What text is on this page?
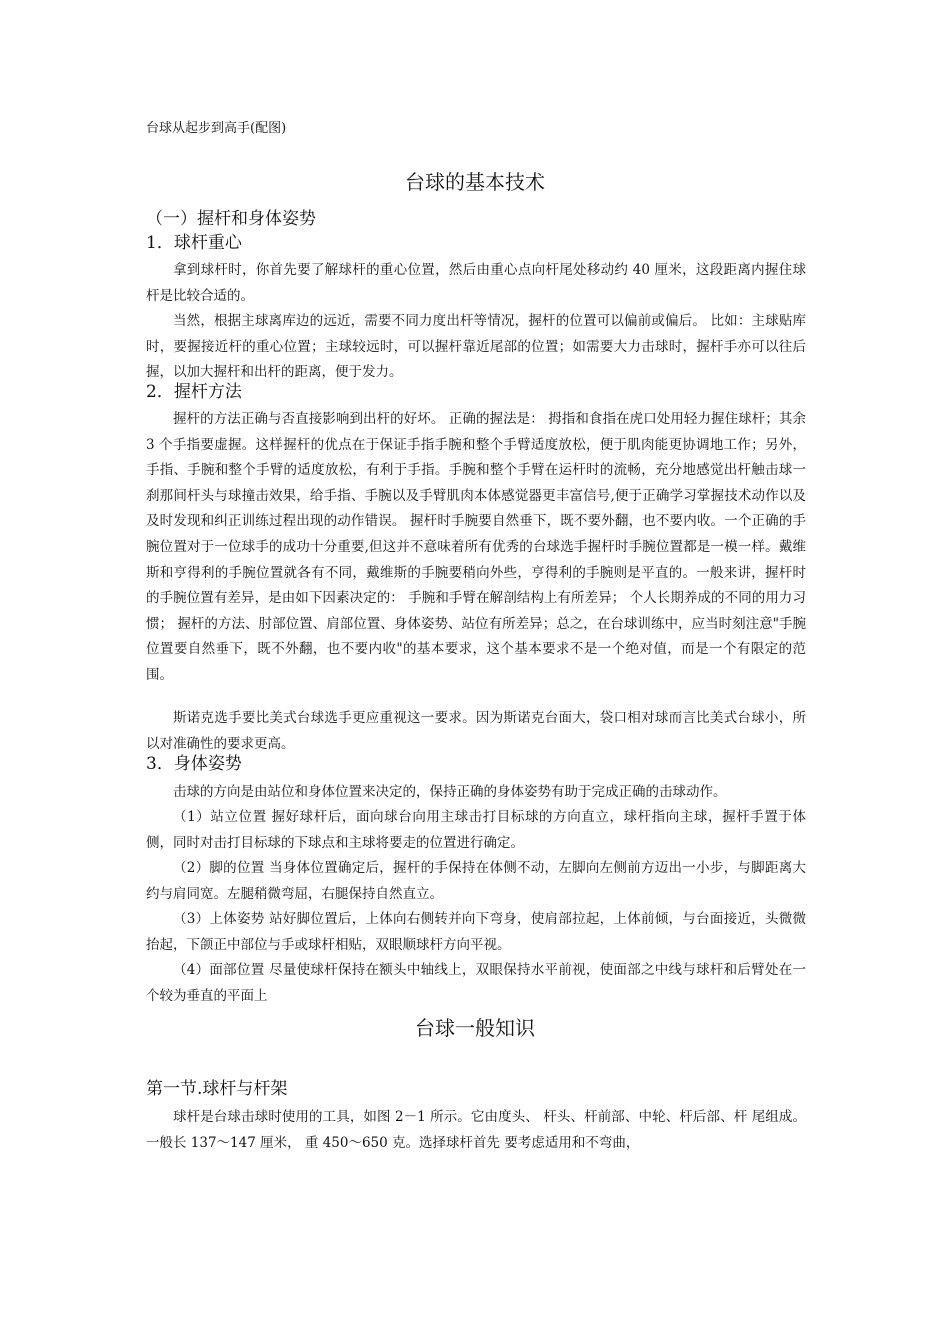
台球从起步到高手(配图)
台球的基本技术
（一）握杆和身体姿势
1．球杆重心

拿到球杆时，你首先要了解球杆的重心位置，然后由重心点向杆尾处移动约 40 厘米，这段距离内握住球杆是比较合适的。

当然，根据主球离库边的远近，需要不同力度出杆等情况，握杆的位置可以偏前或偏后。 比如：主球贴库时，要握接近杆的重心位置；主球较远时，可以握杆靠近尾部的位置；如需要大力击球时，握杆手亦可以往后握，以加大握杆和出杆的距离，便于发力。

2．握杆方法

握杆的方法正确与否直接影响到出杆的好坏。 正确的握法是： 拇指和食指在虎口处用轻力握住球杆；其余 3 个手指要虚握。这样握杆的优点在于保证手指手腕和整个手臂适度放松，便于肌肉能更协调地工作；另外，手指、手腕和整个手臂的适度放松，有利于手指。手腕和整个手臂在运杆时的流畅，充分地感觉出杆触击球一刹那间杆头与球撞击效果，给手指、手腕以及手臂肌肉本体感觉器更丰富信号,便于正确学习掌握技术动作以及及时发现和纠正训练过程出现的动作错误。 握杆时手腕要自然垂下，既不要外翻，也不要内收。一个正确的手腕位置对于一位球手的成功十分重要,但这并不意味着所有优秀的台球选手握杆时手腕位置都是一模一样。戴维斯和亨得利的手腕位置就各有不同，戴维斯的手腕要稍向外些，亨得利的手腕则是平直的。一般来讲，握杆时的手腕位置有差异，是由如下因素决定的： 手腕和手臂在解剖结构上有所差异； 个人长期养成的不同的用力习惯； 握杆的方法、肘部位置、肩部位置、身体姿势、站位有所差异；总之，在台球训练中，应当时刻注意"手腕位置要自然垂下，既不外翻，也不要内收"的基本要求，这个基本要求不是一个绝对值，而是一个有限定的范围。

斯诺克选手要比美式台球选手更应重视这一要求。因为斯诺克台面大，袋口相对球而言比美式台球小，所以对准确性的要求更高。

3．身体姿势

击球的方向是由站位和身体位置来决定的，保持正确的身体姿势有助于完成正确的击球动作。

（1）站立位置 握好球杆后，面向球台向用主球击打目标球的方向直立，球杆指向主球，握杆手置于体侧，同时对击打目标球的下球点和主球将要走的位置进行确定。

（2）脚的位置 当身体位置确定后，握杆的手保持在体侧不动，左脚向左侧前方迈出一小步，与脚距离大约与肩同宽。左腿稍微弯屈，右腿保持自然直立。

（3）上体姿势 站好脚位置后，上体向右侧转并向下弯身，使肩部拉起，上体前倾，与台面接近，头微微抬起，下颌正中部位与手或球杆相贴，双眼顺球杆方向平视。

（4）面部位置 尽量使球杆保持在额头中轴线上，双眼保持水平前视，使面部之中线与球杆和后臂处在一个较为垂直的平面上

台球一般知识
第一节.球杆与杆架

球杆是台球击球时使用的工具，如图 2－1 所示。它由度头、 杆头、杆前部、中轮、杆后部、杆 尾组成。一般长 137～147 厘米， 重 450～650 克。选择球杆首先 要考虑适用和不弯曲，
